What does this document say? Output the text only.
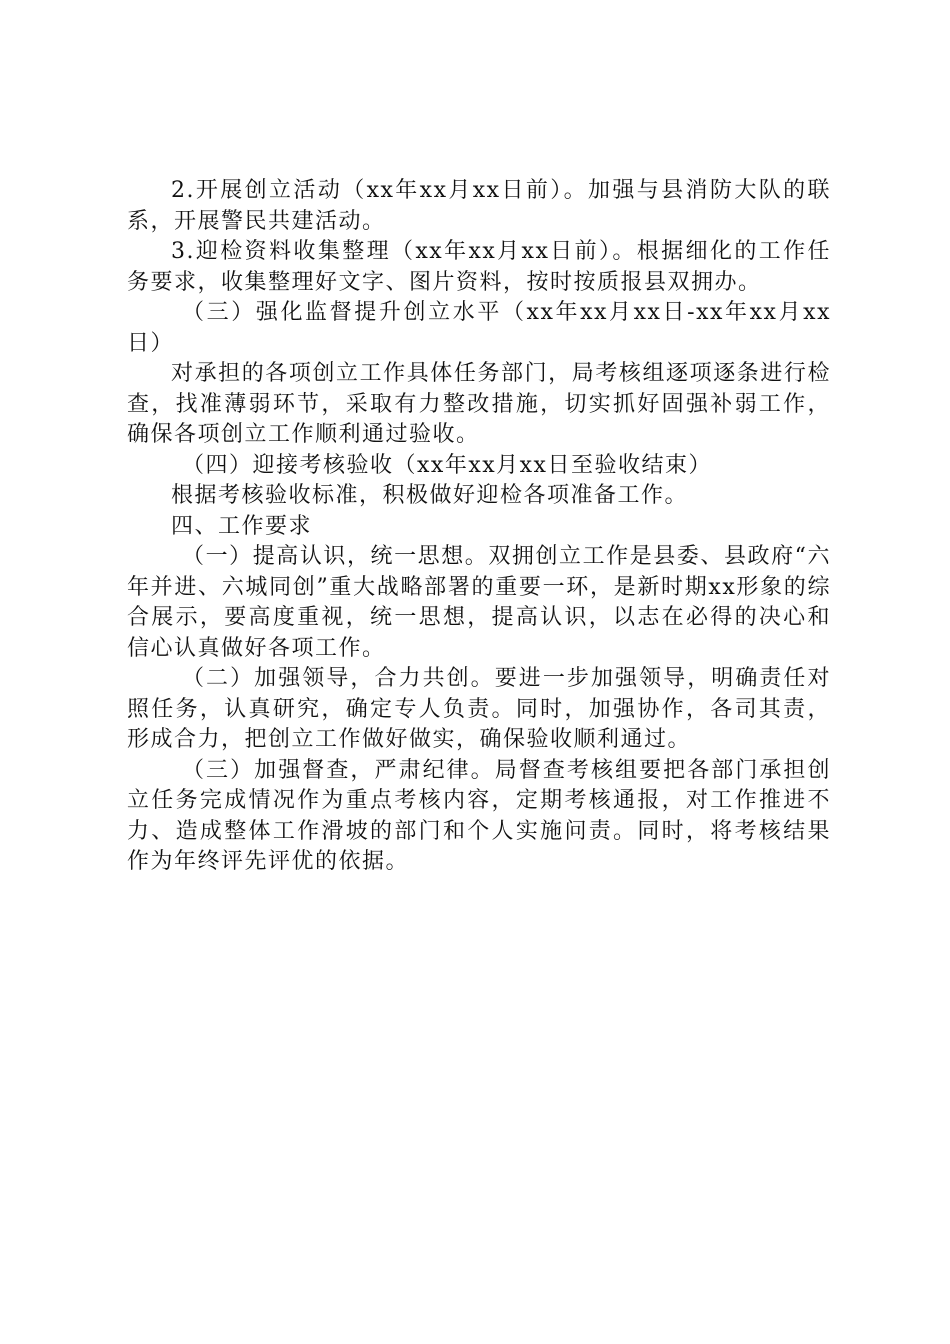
2.开展创立活动（xx年xx月xx日前）。加强与县消防大队的联系，开展警民共建活动。

3.迎检资料收集整理（xx年xx月xx日前）。根据细化的工作任务要求，收集整理好文字、图片资料，按时按质报县双拥办。

（三）强化监督提升创立水平（xx年xx月xx日-xx年xx月xx日）

对承担的各项创立工作具体任务部门，局考核组逐项逐条进行检查，找准薄弱环节，采取有力整改措施，切实抓好固强补弱工作，确保各项创立工作顺利通过验收。

（四）迎接考核验收（xx年xx月xx日至验收结束）

根据考核验收标准，积极做好迎检各项准备工作。

四、工作要求

（一）提高认识，统一思想。双拥创立工作是县委、县政府“六年并进、六城同创”重大战略部署的重要一环，是新时期xx形象的综合展示，要高度重视，统一思想，提高认识，以志在必得的决心和信心认真做好各项工作。

（二）加强领导，合力共创。要进一步加强领导，明确责任对照任务，认真研究，确定专人负责。同时，加强协作，各司其责，形成合力，把创立工作做好做实，确保验收顺利通过。

（三）加强督查，严肃纪律。局督查考核组要把各部门承担创立任务完成情况作为重点考核内容，定期考核通报，对工作推进不力、造成整体工作滑坡的部门和个人实施问责。同时，将考核结果作为年终评先评优的依据。
